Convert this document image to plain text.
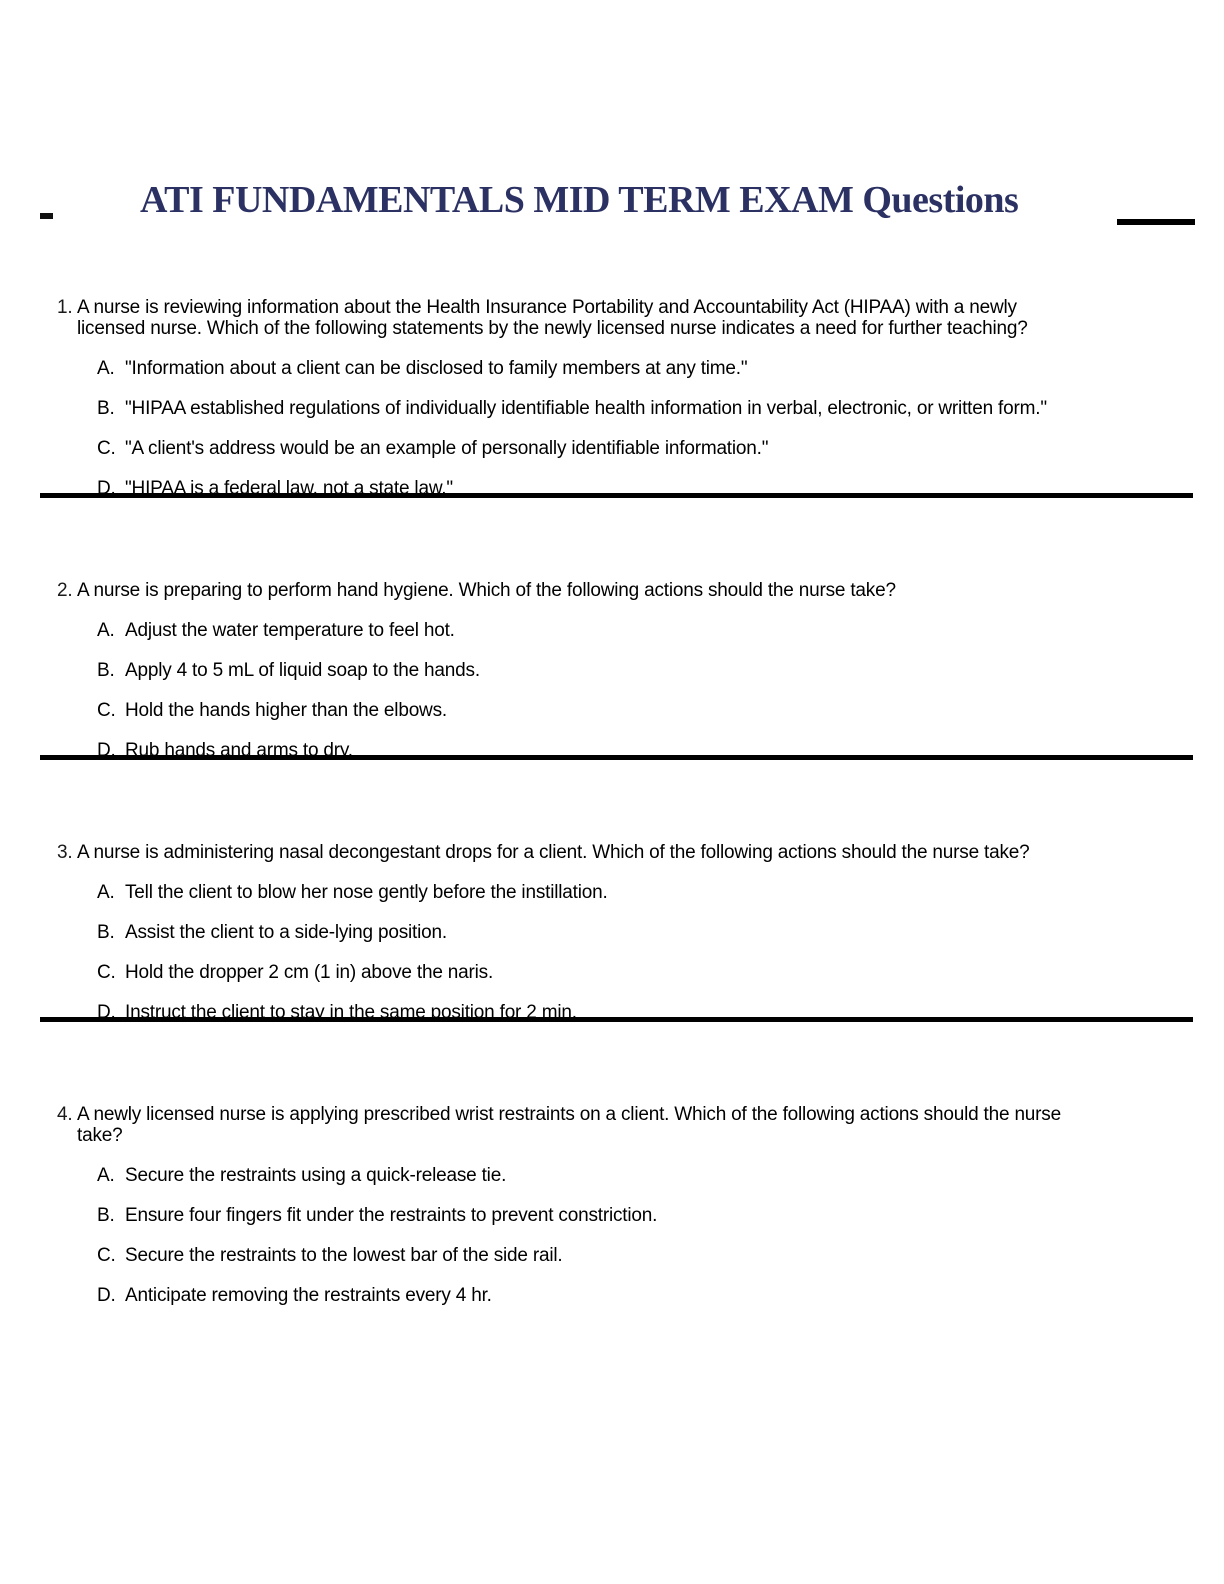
ATI FUNDAMENTALS MID TERM EXAM Questions
1. A nurse is reviewing information about the Health Insurance Portability and Accountability Act (HIPAA) with a newly licensed nurse. Which of the following statements by the newly licensed nurse indicates a need for further teaching?
A. "Information about a client can be disclosed to family members at any time."
B. "HIPAA established regulations of individually identifiable health information in verbal, electronic, or written form."
C. "A client's address would be an example of personally identifiable information."
D. "HIPAA is a federal law, not a state law."
2. A nurse is preparing to perform hand hygiene. Which of the following actions should the nurse take?
A. Adjust the water temperature to feel hot.
B. Apply 4 to 5 mL of liquid soap to the hands.
C. Hold the hands higher than the elbows.
D. Rub hands and arms to dry.
3. A nurse is administering nasal decongestant drops for a client. Which of the following actions should the nurse take?
A. Tell the client to blow her nose gently before the instillation.
B. Assist the client to a side-lying position.
C. Hold the dropper 2 cm (1 in) above the naris.
D. Instruct the client to stay in the same position for 2 min.
4. A newly licensed nurse is applying prescribed wrist restraints on a client. Which of the following actions should the nurse take?
A. Secure the restraints using a quick-release tie.
B. Ensure four fingers fit under the restraints to prevent constriction.
C. Secure the restraints to the lowest bar of the side rail.
D. Anticipate removing the restraints every 4 hr.
